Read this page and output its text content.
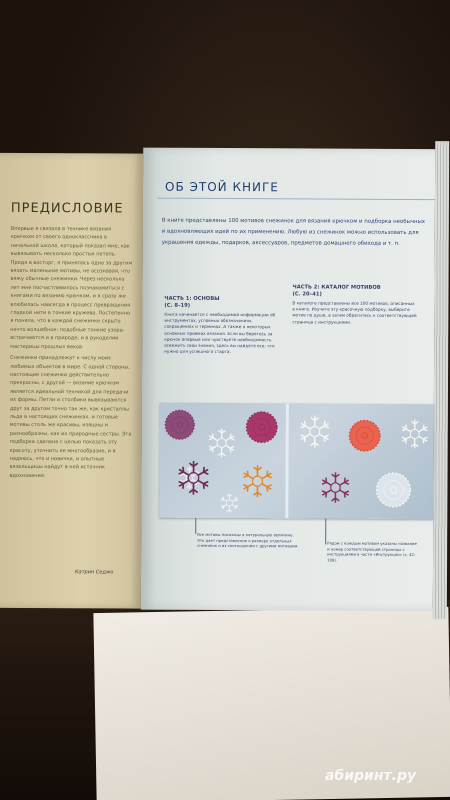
ПРЕДИСЛОВИЕ

Впервые я связала в технике вязания крючком от своего одноклассника в начальной школе, который показал мне, как вывязывать несколько простых петель. Придя в восторг, я принялась одно за другим вязать маленькие мотивы, не осознавая, что вяжу обычные снежинки. Через несколько лет мне посчастливилось познакомиться с книгами по вязанию крючком, и я сразу же влюбилась навсегда в процесс превращения гладкой нити в тонкие кружева. Постепенно я поняла, что в каждой снежинке скрыто нечто волшебное: подобные тонкие узоры встречаются и в природе, и в рукоделии мастерицы прошлых веков.

Снежинки принадлежат к числу моих любимых объектов в мире. С одной стороны, настоящие снежинки действительно прекрасны, с другой — вязание крючком является идеальной техникой для передачи их формы. Петли и столбики вывязываются друг за другом точно так же, как кристаллы льда в настоящих снежинках, и готовые мотивы столь же красивы, изящны и разнообразны, как их природные сестры. Эта подборка сделана с целью показать эту красоту, уточнить ее многообразие, и я надеюсь, что и новички, и опытные вязальщицы найдут в ней источник вдохновения.

Катрин Седжо
ОБ ЭТОЙ КНИГЕ
В книге представлены 100 мотивов снежинок для вязания крючком и подборка необычных и вдохновляющих идей по их применению. Любую из снежинок можно использовать для украшения одежды, подарков, аксессуаров, предметов домашнего обихода и т. п.
ЧАСТЬ 1: ОСНОВЫ
(С. 8–19)
Книга начинается с необходимой информации об инструментах, условных обозначениях, сокращениях и терминах. А также о некоторых основных приемах вязания. Если вы беретесь за крючок впервые или чувствуете необходимость освежить свои знания, здесь вы найдете все, что нужно для успешного старта.
ЧАСТЬ 2: КАТАЛОГ МОТИВОВ
(С. 20–41)
В каталоге представлены все 100 мотивов, описанных в книге. Изучите эту красочную подборку, выберите мотив по душе, а затем обратитесь к соответствующей странице с инструкциями.
Все мотивы показаны в натуральную величину. Это дает представление о размере отдельных снежинок и их соотношении с другими мотивами.	Рядом с каждым мотивом указаны название и номер соответствующей страницы с инструкциями в части «Инструкции» (с. 42–109).
абиринт.ру
